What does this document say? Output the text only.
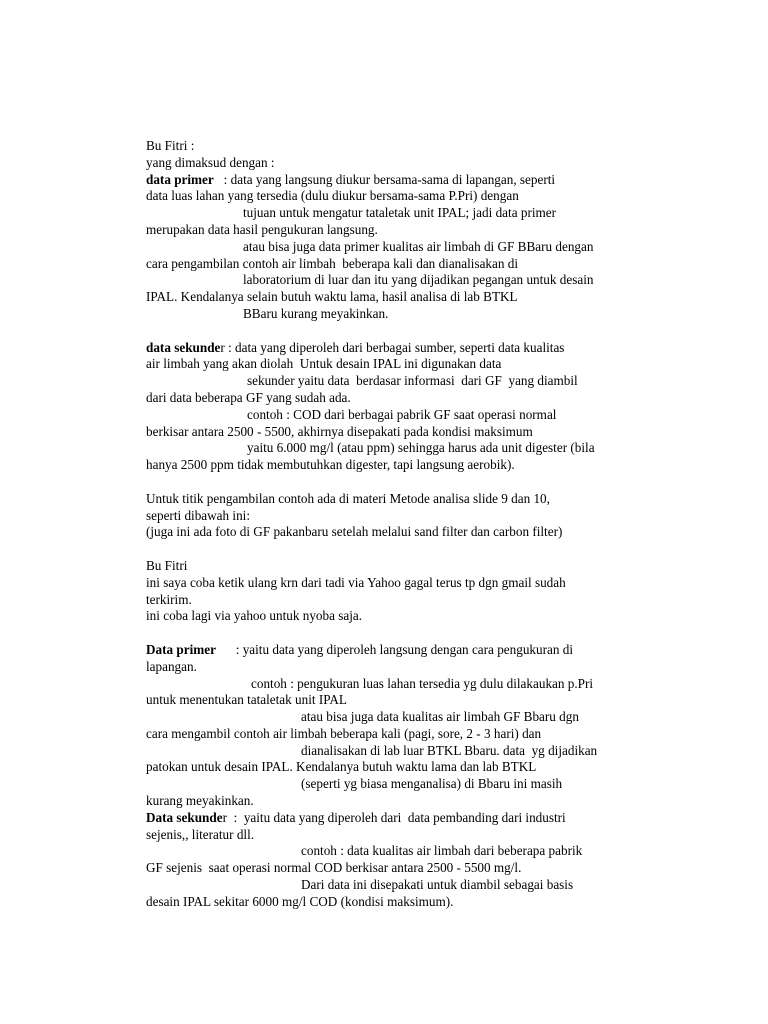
Bu Fitri :
yang dimaksud dengan :
data primer   : data yang langsung diukur bersama-sama di lapangan, seperti
data luas lahan yang tersedia (dulu diukur bersama-sama P.Pri) dengan
tujuan untuk mengatur tataletak unit IPAL; jadi data primer
merupakan data hasil pengukuran langsung.
atau bisa juga data primer kualitas air limbah di GF BBaru dengan
cara pengambilan contoh air limbah  beberapa kali dan dianalisakan di
laboratorium di luar dan itu yang dijadikan pegangan untuk desain
IPAL. Kendalanya selain butuh waktu lama, hasil analisa di lab BTKL
BBaru kurang meyakinkan.
data sekunder : data yang diperoleh dari berbagai sumber, seperti data kualitas
air limbah yang akan diolah  Untuk desain IPAL ini digunakan data
sekunder yaitu data  berdasar informasi  dari GF  yang diambil
dari data beberapa GF yang sudah ada.
contoh : COD dari berbagai pabrik GF saat operasi normal
berkisar antara 2500 - 5500, akhirnya disepakati pada kondisi maksimum
yaitu 6.000 mg/l (atau ppm) sehingga harus ada unit digester (bila
hanya 2500 ppm tidak membutuhkan digester, tapi langsung aerobik).
Untuk titik pengambilan contoh ada di materi Metode analisa slide 9 dan 10,
seperti dibawah ini:
(juga ini ada foto di GF pakanbaru setelah melalui sand filter dan carbon filter)
Bu Fitri
ini saya coba ketik ulang krn dari tadi via Yahoo gagal terus tp dgn gmail sudah
terkirim.
ini coba lagi via yahoo untuk nyoba saja.
Data primer      : yaitu data yang diperoleh langsung dengan cara pengukuran di
lapangan.
contoh : pengukuran luas lahan tersedia yg dulu dilakaukan p.Pri
untuk menentukan tataletak unit IPAL
atau bisa juga data kualitas air limbah GF Bbaru dgn
cara mengambil contoh air limbah beberapa kali (pagi, sore, 2 - 3 hari) dan
dianalisakan di lab luar BTKL Bbaru. data  yg dijadikan
patokan untuk desain IPAL. Kendalanya butuh waktu lama dan lab BTKL
(seperti yg biasa menganalisa) di Bbaru ini masih
kurang meyakinkan.
Data sekunder  :  yaitu data yang diperoleh dari  data pembanding dari industri
sejenis,, literatur dll.
contoh : data kualitas air limbah dari beberapa pabrik
GF sejenis  saat operasi normal COD berkisar antara 2500 - 5500 mg/l.
Dari data ini disepakati untuk diambil sebagai basis
desain IPAL sekitar 6000 mg/l COD (kondisi maksimum).
